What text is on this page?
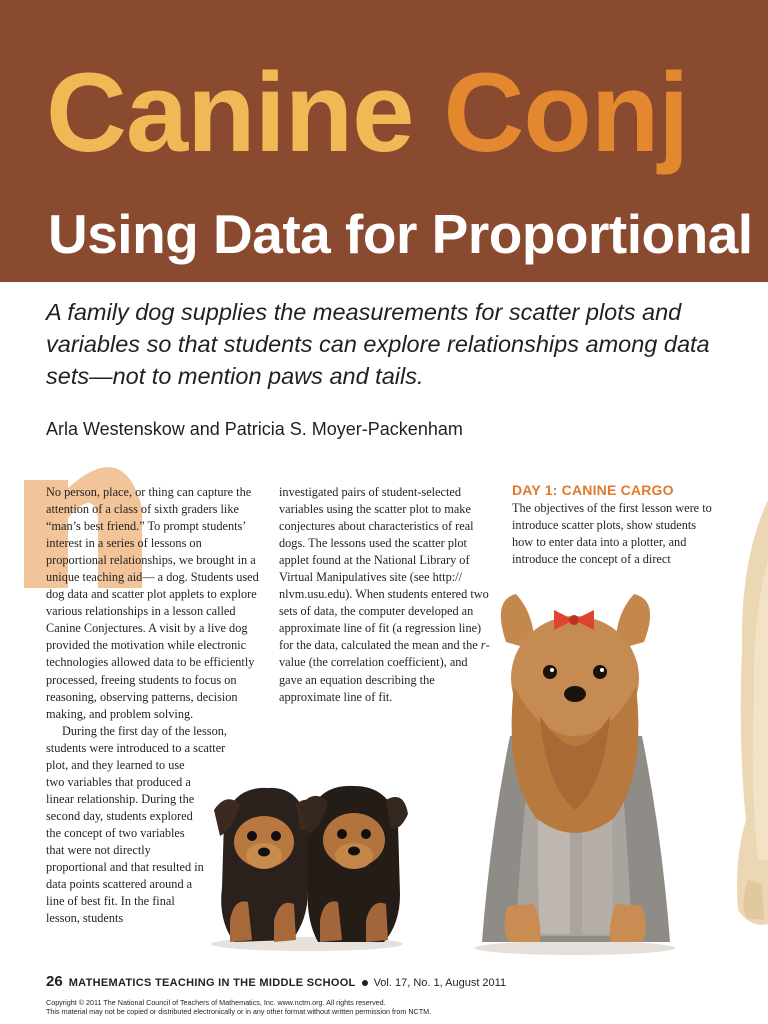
Canine Conj
Using Data for Proportional

A family dog supplies the measurements for scatter plots and variables so that students can explore relationships among data sets—not to mention paws and tails.

Arla Westenskow and Patricia S. Moyer-Packenham

No person, place, or thing can capture the attention of a class of sixth graders like “man’s best friend.” To prompt students’ interest in a series of lessons on proportional relationships, we brought in a unique teaching aid— a dog. Students used dog data and scatter plot applets to explore various relationships in a lesson called Canine Conjectures. A visit by a live dog provided the motivation while electronic technologies allowed data to be efficiently processed, freeing students to focus on reasoning, observing patterns, decision making, and problem solving.

During the first day of the lesson, students were introduced to a scatter

plot, and they learned to use two variables that produced a linear relationship. During the second day, students explored the concept of two variables that were not directly proportional and that resulted in data points scattered around a line of best fit. In the final lesson, students

investigated pairs of student-selected variables using the scatter plot to make conjectures about characteristics of real dogs. The lessons used the scatter plot applet found at the National Library of Virtual Manipulatives site (see http:// nlvm.usu.edu). When students entered two sets of data, the computer developed an approximate line of fit (a regression line) for the data, calculated the mean and the r-value (the correlation coefficient), and gave an equation describing the approximate line of fit.

DAY 1: CANINE CARGO

The objectives of the first lesson were to introduce scatter plots, show students how to enter data into a plotter, and introduce the concept of a direct

26 MATHEMATICS TEACHING IN THE MIDDLE SCHOOL Vol. 17, No. 1, August 2011

Copyright © 2011 The National Council of Teachers of Mathematics, Inc. www.nctm.org. All rights reserved.
This material may not be copied or distributed electronically or in any other format without written permission from NCTM.
